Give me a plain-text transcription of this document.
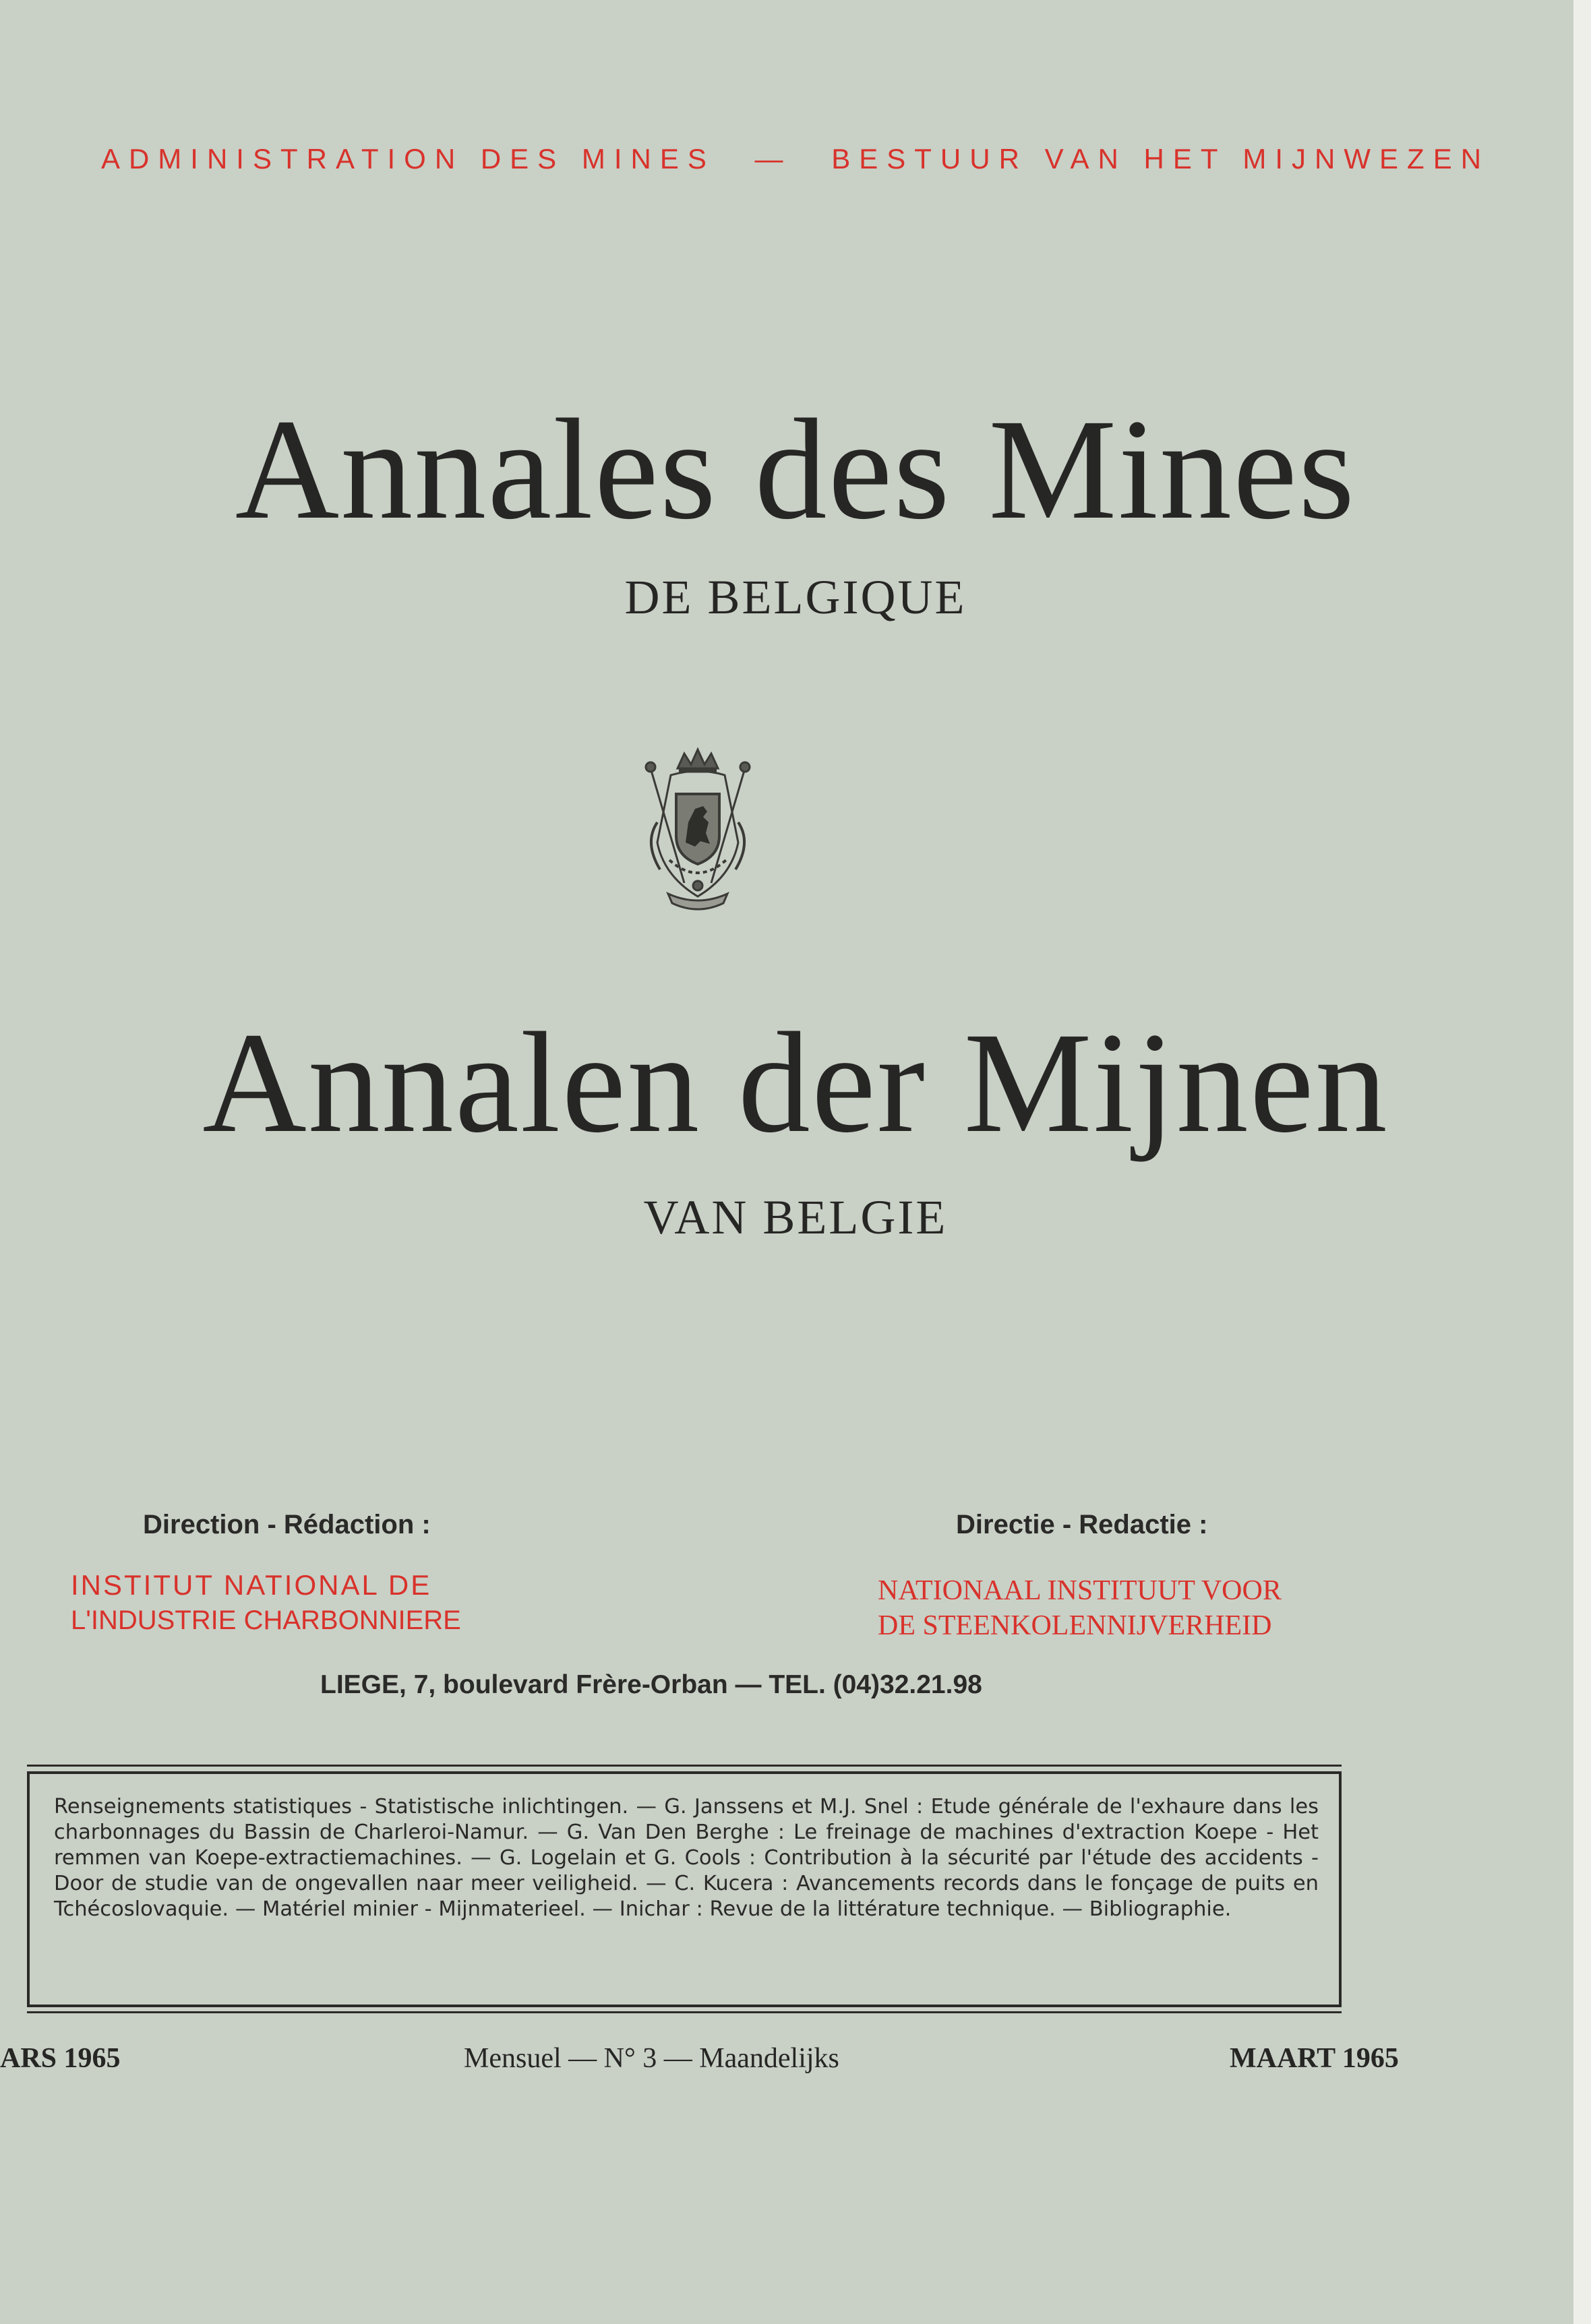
ADMINISTRATION DES MINES — BESTUUR VAN HET MIJNWEZEN
Annales des Mines
DE BELGIQUE
Annalen der Mijnen
VAN BELGIE
Direction - Rédaction :	Directie - Redactie :
INSTITUT NATIONAL DE
L'INDUSTRIE CHARBONNIERE
NATIONAAL INSTITUUT VOOR
DE STEENKOLENNIJVERHEID
LIEGE, 7, boulevard Frère-Orban — TEL. (04)32.21.98
Renseignements statistiques - Statistische inlichtingen. — G. Janssens et M.J. Snel : Etude générale de l'exhaure dans les charbonnages du Bassin de Charleroi-Namur. — G. Van Den Berghe : Le freinage de machines d'extraction Koepe - Het remmen van Koepe-extractiemachines. — G. Logelain et G. Cools : Contribution à la sécurité par l'étude des accidents - Door de studie van de ongevallen naar meer veiligheid. — C. Kucera : Avancements records dans le fonçage de puits en Tchécoslovaquie. — Matériel minier - Mijnmaterieel. — Inichar : Revue de la littérature technique. — Bibliographie.
ARS 1965	Mensuel — N° 3 — Maandelijks	MAART 1965
